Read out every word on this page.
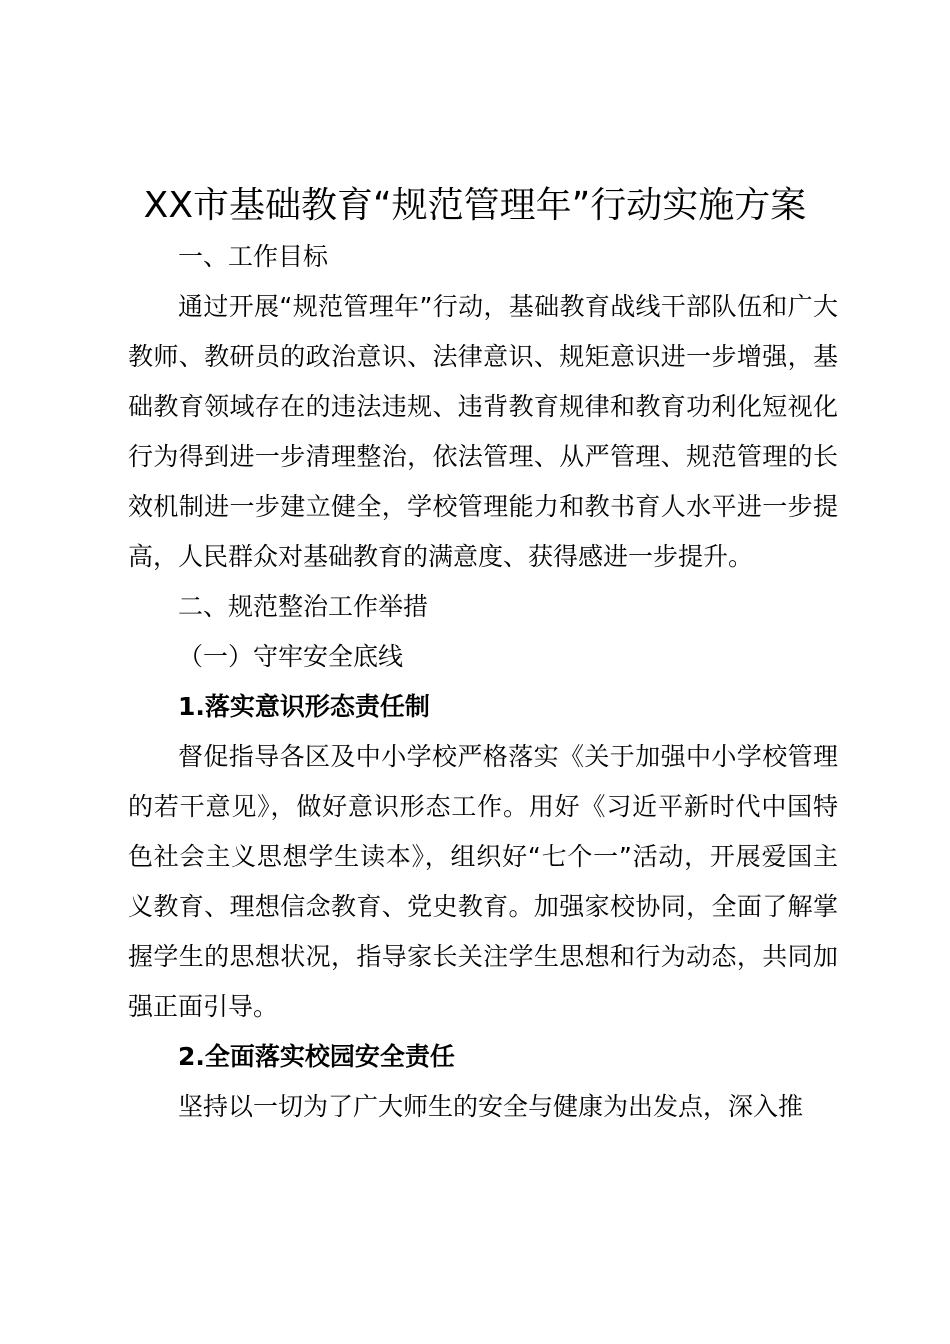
XX市基础教育“规范管理年”行动实施方案

一、工作目标

通过开展“规范管理年”行动，基础教育战线干部队伍和广大教师、教研员的政治意识、法律意识、规矩意识进一步增强，基础教育领域存在的违法违规、违背教育规律和教育功利化短视化行为得到进一步清理整治，依法管理、从严管理、规范管理的长效机制进一步建立健全，学校管理能力和教书育人水平进一步提高，人民群众对基础教育的满意度、获得感进一步提升。

二、规范整治工作举措

（一）守牢安全底线

1.落实意识形态责任制

督促指导各区及中小学校严格落实《关于加强中小学校管理的若干意见》，做好意识形态工作。用好《习近平新时代中国特色社会主义思想学生读本》，组织好“七个一”活动，开展爱国主义教育、理想信念教育、党史教育。加强家校协同，全面了解掌握学生的思想状况，指导家长关注学生思想和行为动态，共同加强正面引导。

2.全面落实校园安全责任

坚持以一切为了广大师生的安全与健康为出发点，深入推
